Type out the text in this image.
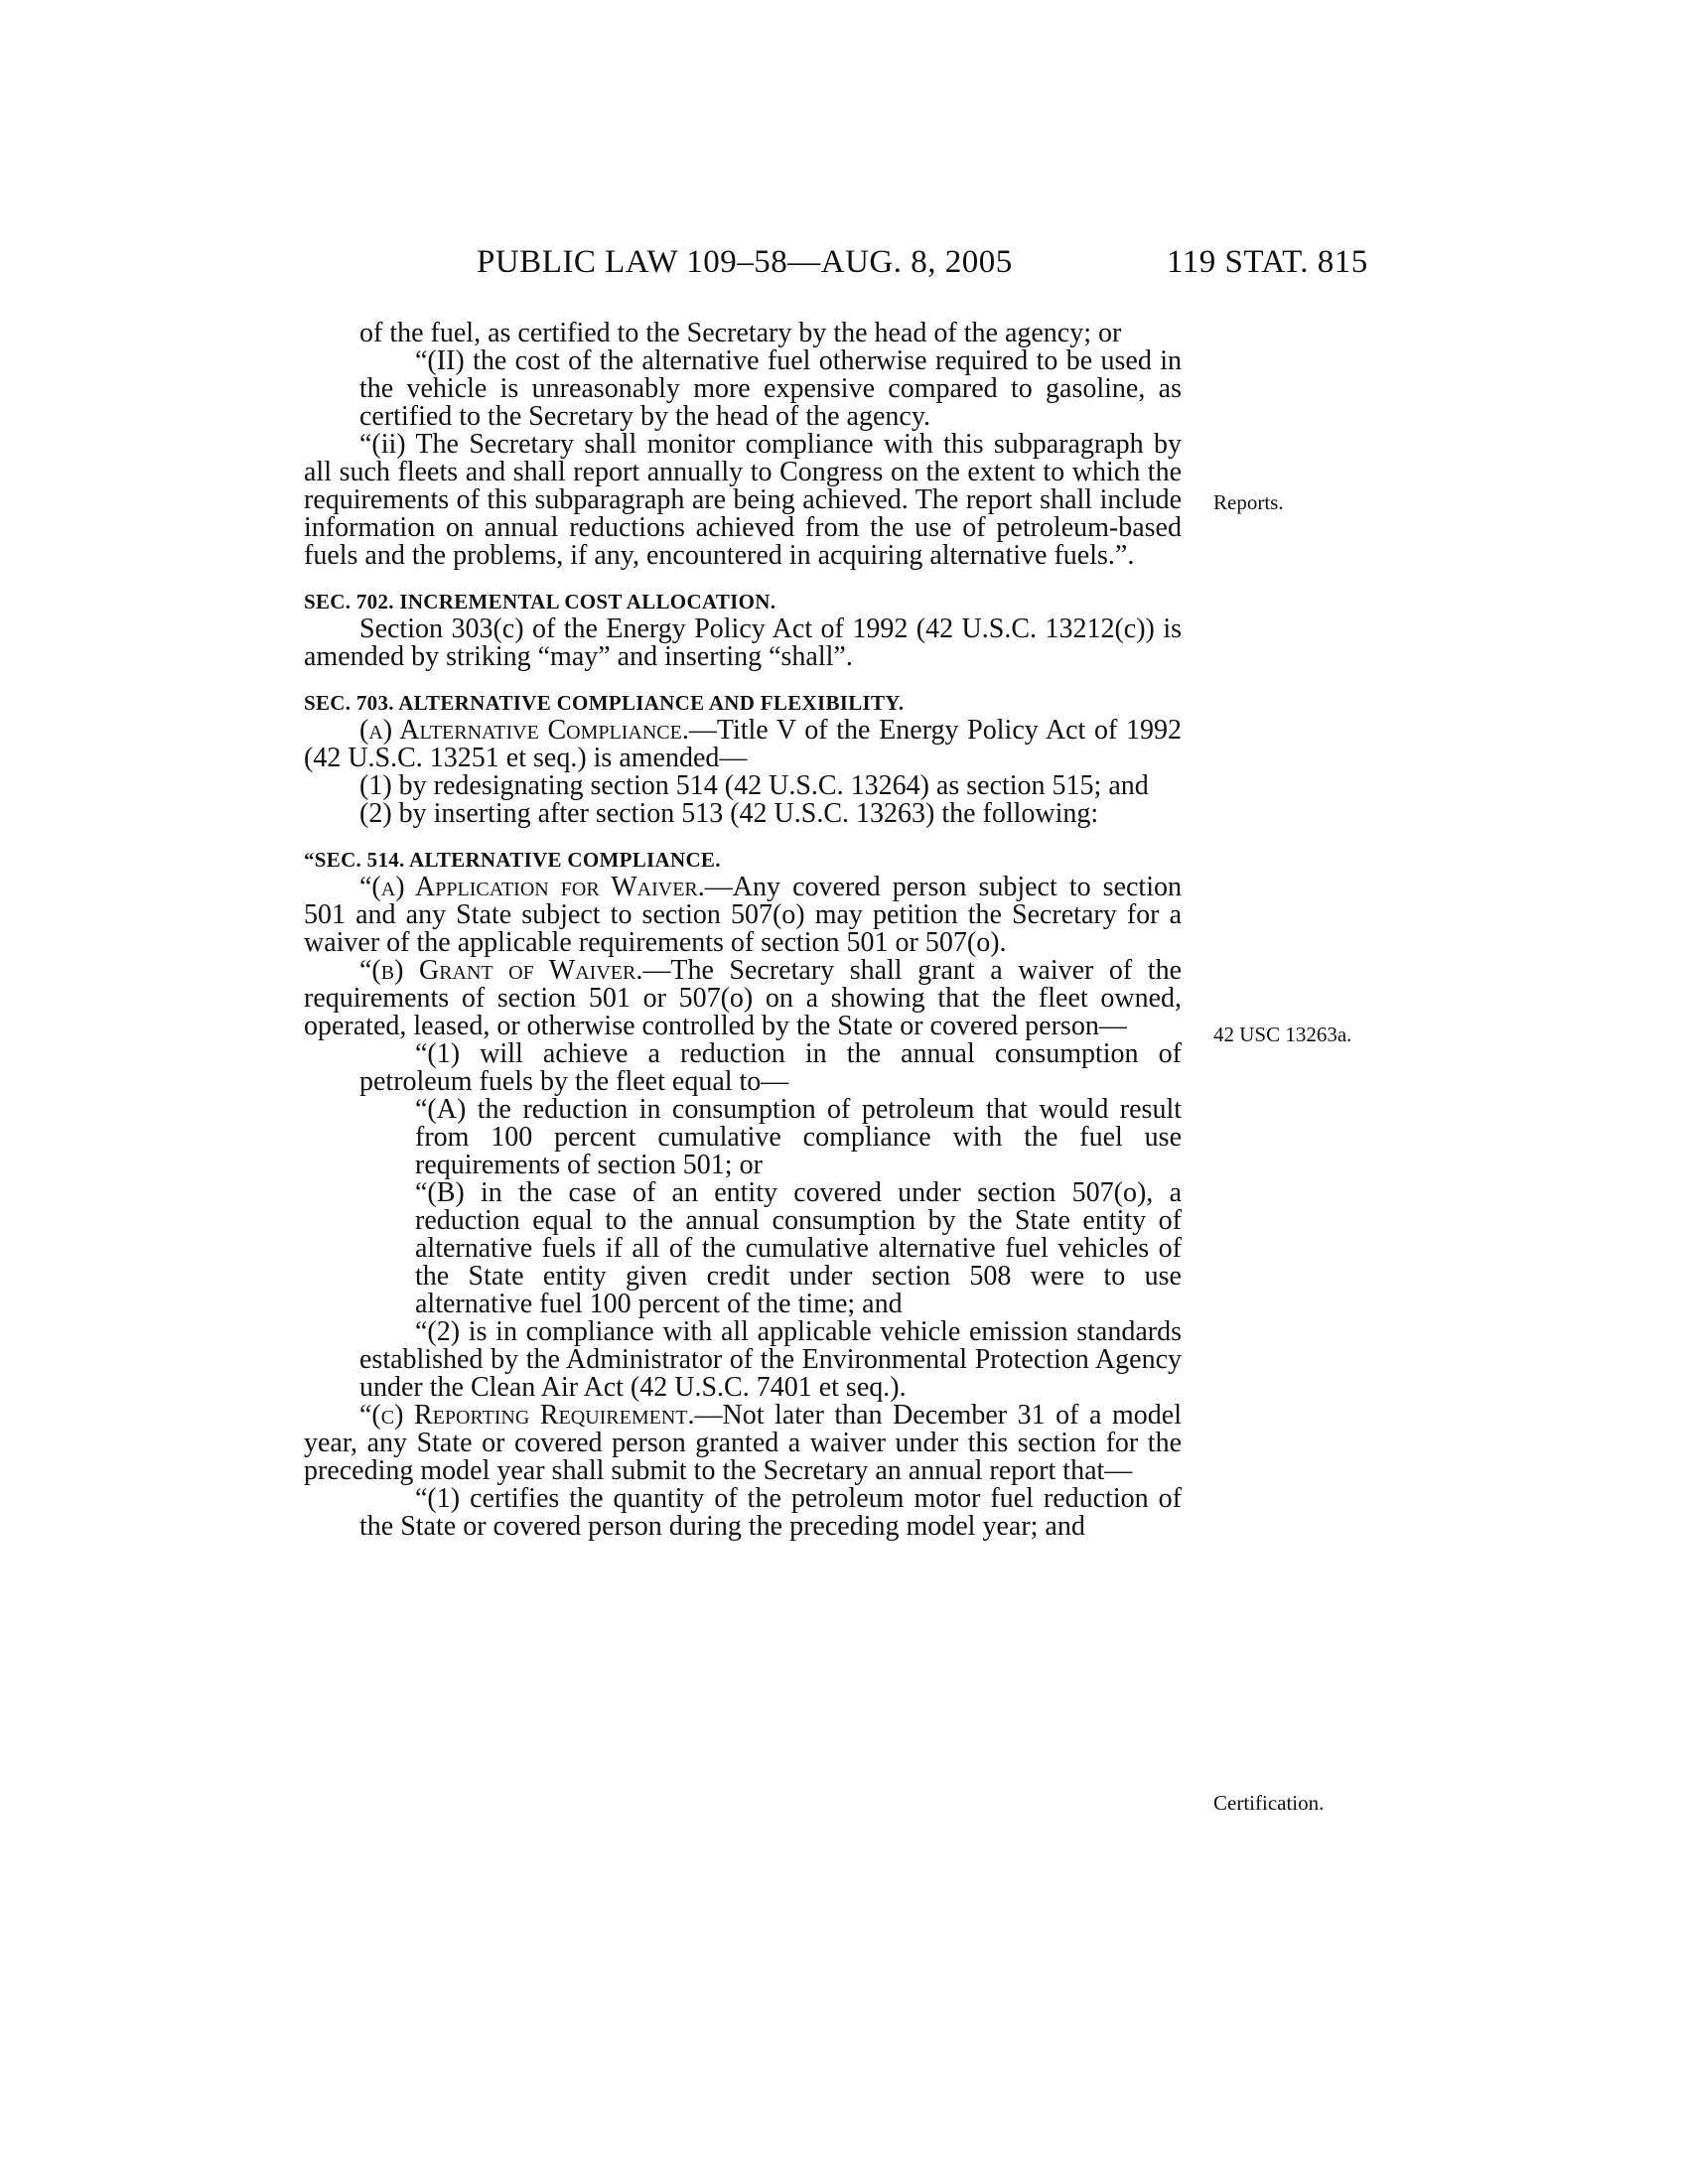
PUBLIC LAW 109–58—AUG. 8, 2005	119 STAT. 815
Reports.
42 USC 13263a.
Certification.

of the fuel, as certified to the Secretary by the head of the agency; or

“(II) the cost of the alternative fuel otherwise required to be used in the vehicle is unreasonably more expensive compared to gasoline, as certified to the Secretary by the head of the agency.

“(ii) The Secretary shall monitor compliance with this subparagraph by all such fleets and shall report annually to Congress on the extent to which the requirements of this subparagraph are being achieved. The report shall include information on annual reductions achieved from the use of petroleum-based fuels and the problems, if any, encountered in acquiring alternative fuels.”.

SEC. 702. INCREMENTAL COST ALLOCATION.

Section 303(c) of the Energy Policy Act of 1992 (42 U.S.C. 13212(c)) is amended by striking “may” and inserting “shall”.

SEC. 703. ALTERNATIVE COMPLIANCE AND FLEXIBILITY.

(a) Alternative Compliance.—Title V of the Energy Policy Act of 1992 (42 U.S.C. 13251 et seq.) is amended—

(1) by redesignating section 514 (42 U.S.C. 13264) as section 515; and

(2) by inserting after section 513 (42 U.S.C. 13263) the following:

“SEC. 514. ALTERNATIVE COMPLIANCE.

“(a) Application for Waiver.—Any covered person subject to section 501 and any State subject to section 507(o) may petition the Secretary for a waiver of the applicable requirements of section 501 or 507(o).

“(b) Grant of Waiver.—The Secretary shall grant a waiver of the requirements of section 501 or 507(o) on a showing that the fleet owned, operated, leased, or otherwise controlled by the State or covered person—

“(1) will achieve a reduction in the annual consumption of petroleum fuels by the fleet equal to—

“(A) the reduction in consumption of petroleum that would result from 100 percent cumulative compliance with the fuel use requirements of section 501; or

“(B) in the case of an entity covered under section 507(o), a reduction equal to the annual consumption by the State entity of alternative fuels if all of the cumulative alternative fuel vehicles of the State entity given credit under section 508 were to use alternative fuel 100 percent of the time; and

“(2) is in compliance with all applicable vehicle emission standards established by the Administrator of the Environmental Protection Agency under the Clean Air Act (42 U.S.C. 7401 et seq.).

“(c) Reporting Requirement.—Not later than December 31 of a model year, any State or covered person granted a waiver under this section for the preceding model year shall submit to the Secretary an annual report that—

“(1) certifies the quantity of the petroleum motor fuel reduction of the State or covered person during the preceding model year; and
